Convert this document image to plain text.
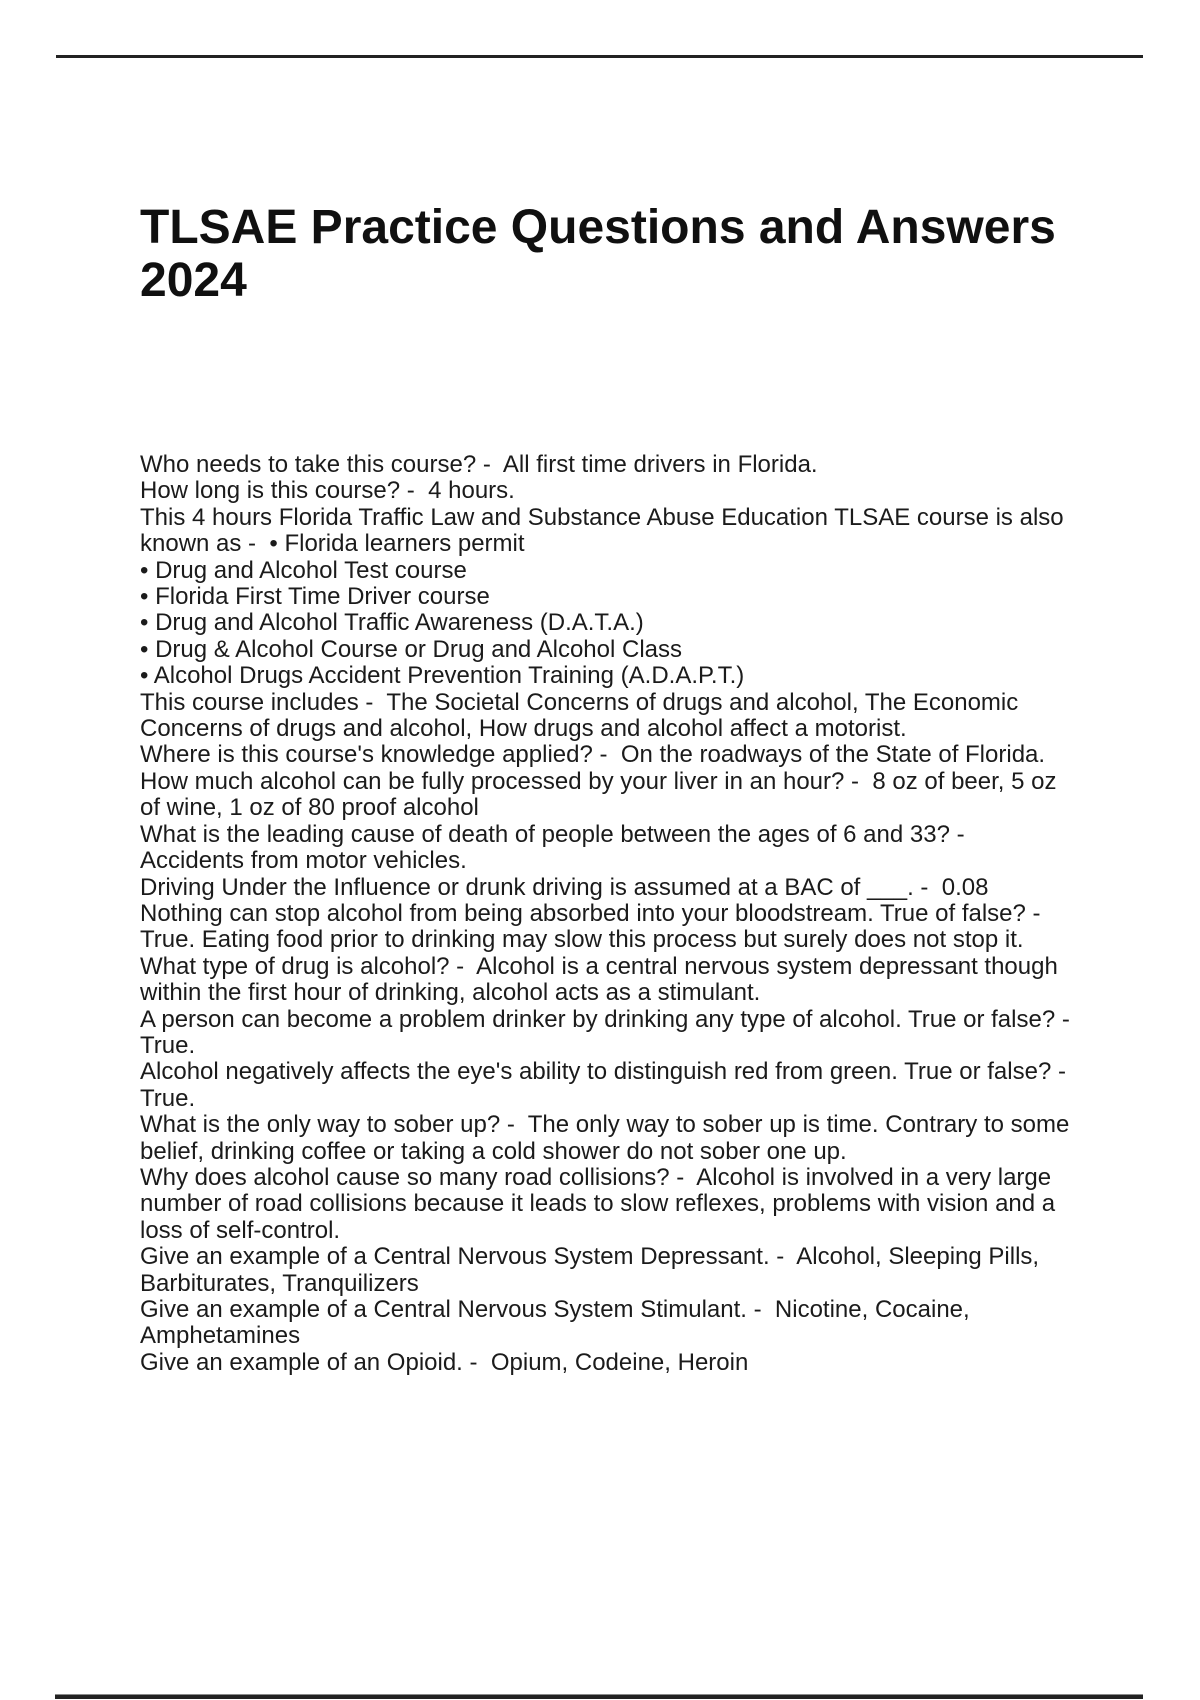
TLSAE Practice Questions and Answers
2024
Who needs to take this course? -  All first time drivers in Florida.
How long is this course? -  4 hours.
This 4 hours Florida Traffic Law and Substance Abuse Education TLSAE course is also
known as -  • Florida learners permit
• Drug and Alcohol Test course
• Florida First Time Driver course
• Drug and Alcohol Traffic Awareness (D.A.T.A.)
• Drug & Alcohol Course or Drug and Alcohol Class
• Alcohol Drugs Accident Prevention Training (A.D.A.P.T.)
This course includes -  The Societal Concerns of drugs and alcohol, The Economic
Concerns of drugs and alcohol, How drugs and alcohol affect a motorist.
Where is this course's knowledge applied? -  On the roadways of the State of Florida.
How much alcohol can be fully processed by your liver in an hour? -  8 oz of beer, 5 oz
of wine, 1 oz of 80 proof alcohol
What is the leading cause of death of people between the ages of 6 and 33? -
Accidents from motor vehicles.
Driving Under the Influence or drunk driving is assumed at a BAC of ___. -  0.08
Nothing can stop alcohol from being absorbed into your bloodstream. True of false? -
True. Eating food prior to drinking may slow this process but surely does not stop it.
What type of drug is alcohol? -  Alcohol is a central nervous system depressant though
within the first hour of drinking, alcohol acts as a stimulant.
A person can become a problem drinker by drinking any type of alcohol. True or false? -
True.
Alcohol negatively affects the eye's ability to distinguish red from green. True or false? -
True.
What is the only way to sober up? -  The only way to sober up is time. Contrary to some
belief, drinking coffee or taking a cold shower do not sober one up.
Why does alcohol cause so many road collisions? -  Alcohol is involved in a very large
number of road collisions because it leads to slow reflexes, problems with vision and a
loss of self-control.
Give an example of a Central Nervous System Depressant. -  Alcohol, Sleeping Pills,
Barbiturates, Tranquilizers
Give an example of a Central Nervous System Stimulant. -  Nicotine, Cocaine,
Amphetamines
Give an example of an Opioid. -  Opium, Codeine, Heroin
